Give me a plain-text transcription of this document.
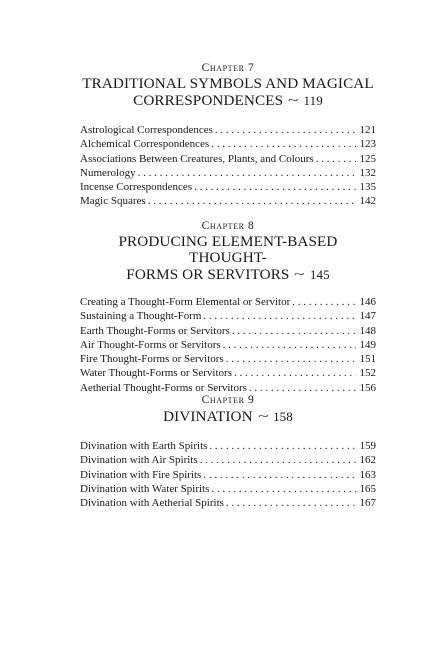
Chapter 7

TRADITIONAL SYMBOLS AND MAGICAL
CORRESPONDENCES ~ 119

Astrological Correspondences . . .	121
Alchemical Correspondences . . .	123
Associations Between Creatures, Plants, and Colours . . .	125
Numerology . . .	132
Incense Correspondences . . .	135
Magic Squares . . .	142

Chapter 8

PRODUCING ELEMENT-BASED THOUGHT-
FORMS OR SERVITORS ~ 145

Creating a Thought-Form Elemental or Servitor . . .	146
Sustaining a Thought-Form . . .	147
Earth Thought-Forms or Servitors . . .	148
Air Thought-Forms or Servitors . . .	149
Fire Thought-Forms or Servitors . . .	151
Water Thought-Forms or Servitors . . .	152
Aetherial Thought-Forms or Servitors . . .	156

Chapter 9

DIVINATION ~ 158

Divination with Earth Spirits . . .	159
Divination with Air Spirits . . .	162
Divination with Fire Spirits . . .	163
Divination with Water Spirits . . .	165
Divination with Aetherial Spirits . . .	167
